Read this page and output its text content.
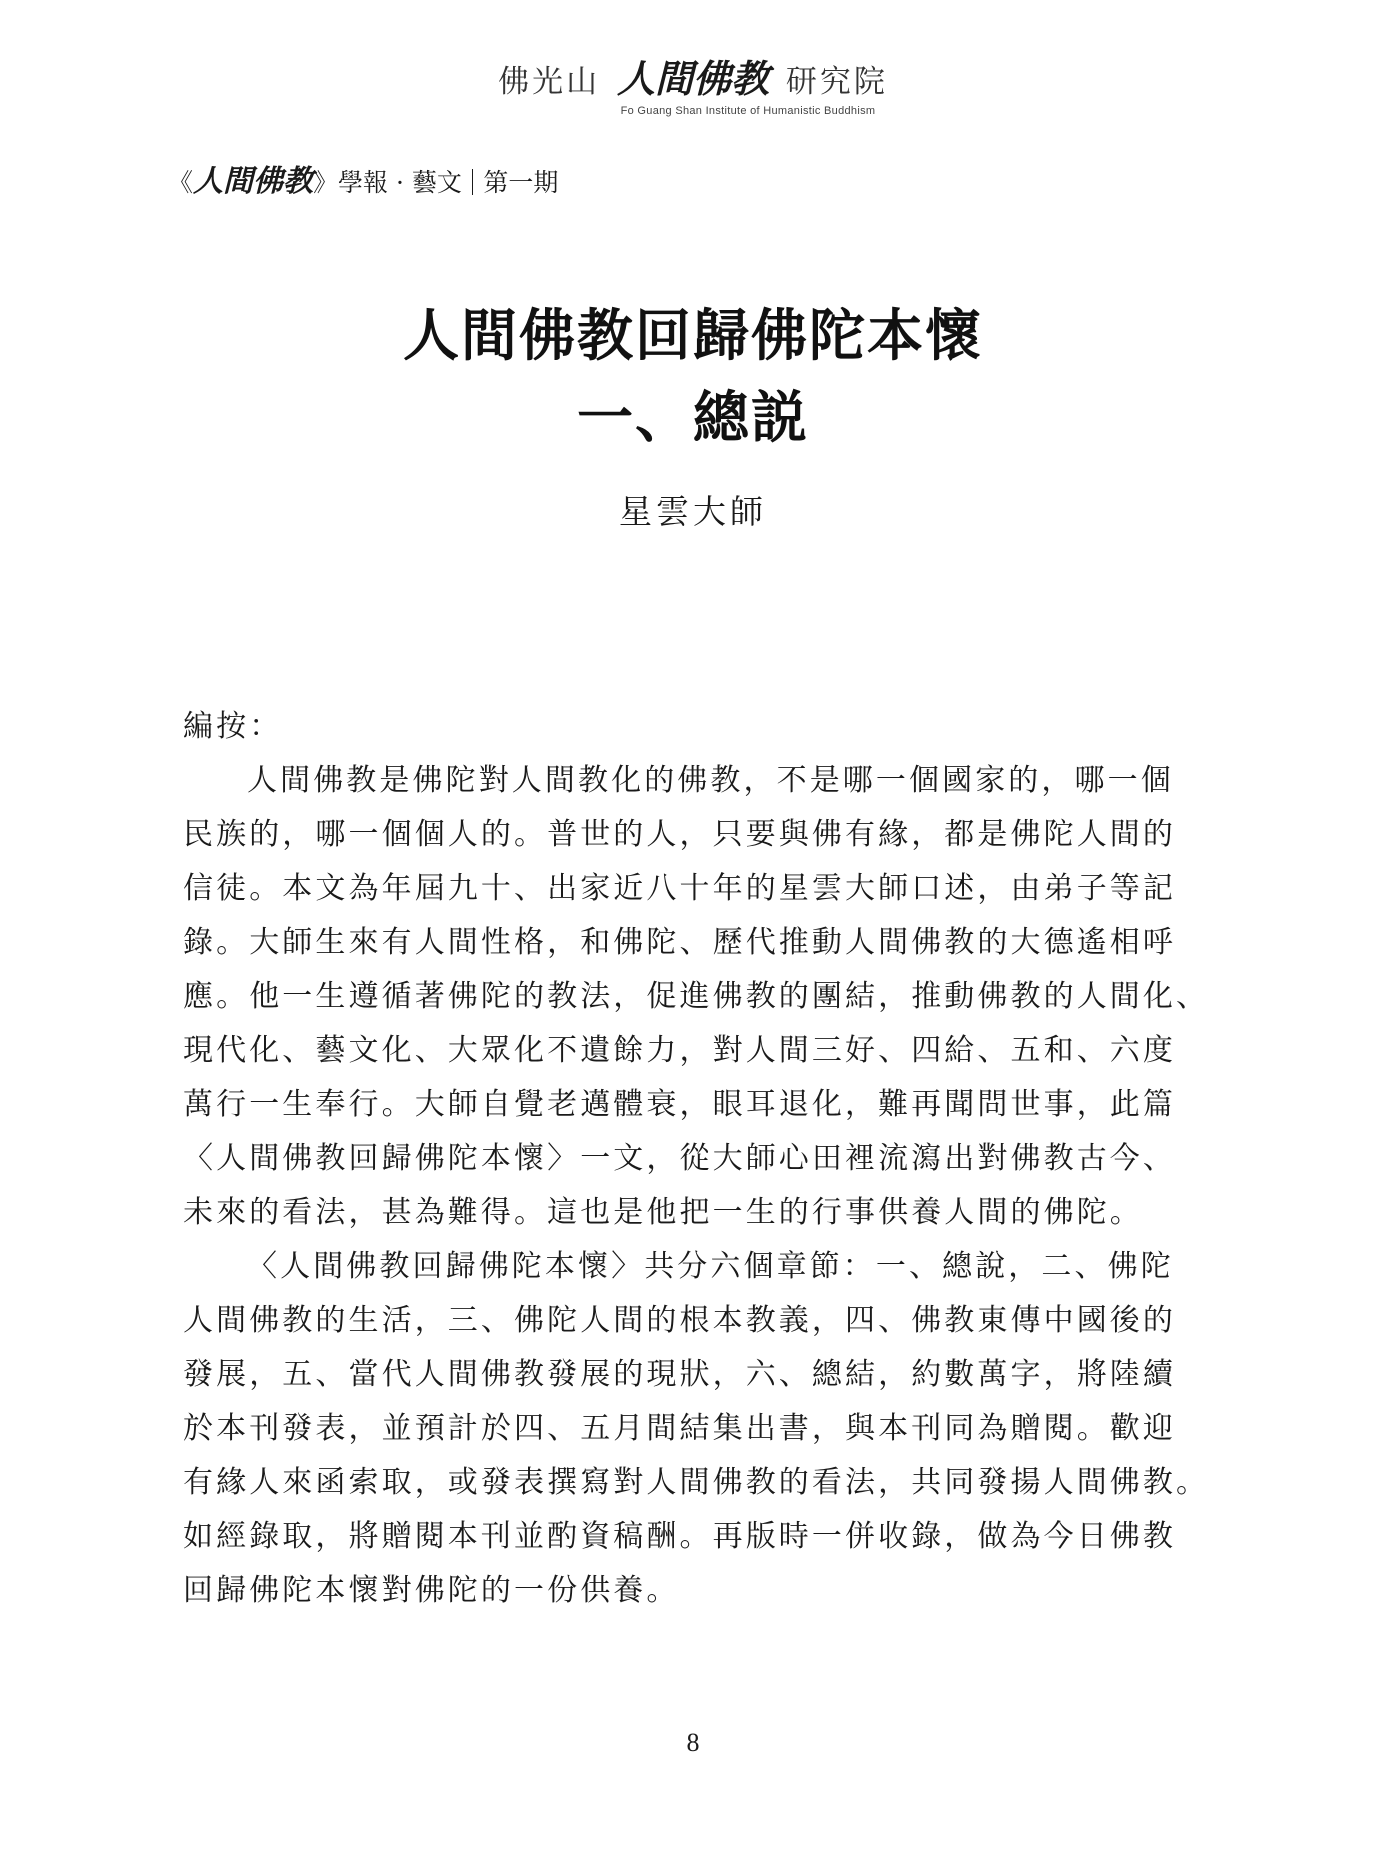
佛光山 人間佛教 研究院
Fo Guang Shan Institute of Humanistic Buddhism
《人間佛教》學報 · 藝文 第一期
人間佛教回歸佛陀本懷
一、總説
星雲大師
編按：
人間佛教是佛陀對人間教化的佛教，不是哪一個國家的，哪一個
民族的，哪一個個人的。普世的人，只要與佛有緣，都是佛陀人間的
信徒。本文為年屆九十、出家近八十年的星雲大師口述，由弟子等記
錄。大師生來有人間性格，和佛陀、歷代推動人間佛教的大德遙相呼
應。他一生遵循著佛陀的教法，促進佛教的團結，推動佛教的人間化、
現代化、藝文化、大眾化不遺餘力，對人間三好、四給、五和、六度
萬行一生奉行。大師自覺老邁體衰，眼耳退化，難再聞問世事，此篇
〈人間佛教回歸佛陀本懷〉一文，從大師心田裡流瀉出對佛教古今、
未來的看法，甚為難得。這也是他把一生的行事供養人間的佛陀。
〈人間佛教回歸佛陀本懷〉共分六個章節：一、總說，二、佛陀
人間佛教的生活，三、佛陀人間的根本教義，四、佛教東傳中國後的
發展，五、當代人間佛教發展的現狀，六、總結，約數萬字，將陸續
於本刊發表，並預計於四、五月間結集出書，與本刊同為贈閱。歡迎
有緣人來函索取，或發表撰寫對人間佛教的看法，共同發揚人間佛教。
如經錄取，將贈閱本刊並酌資稿酬。再版時一併收錄，做為今日佛教
回歸佛陀本懷對佛陀的一份供養。
8
